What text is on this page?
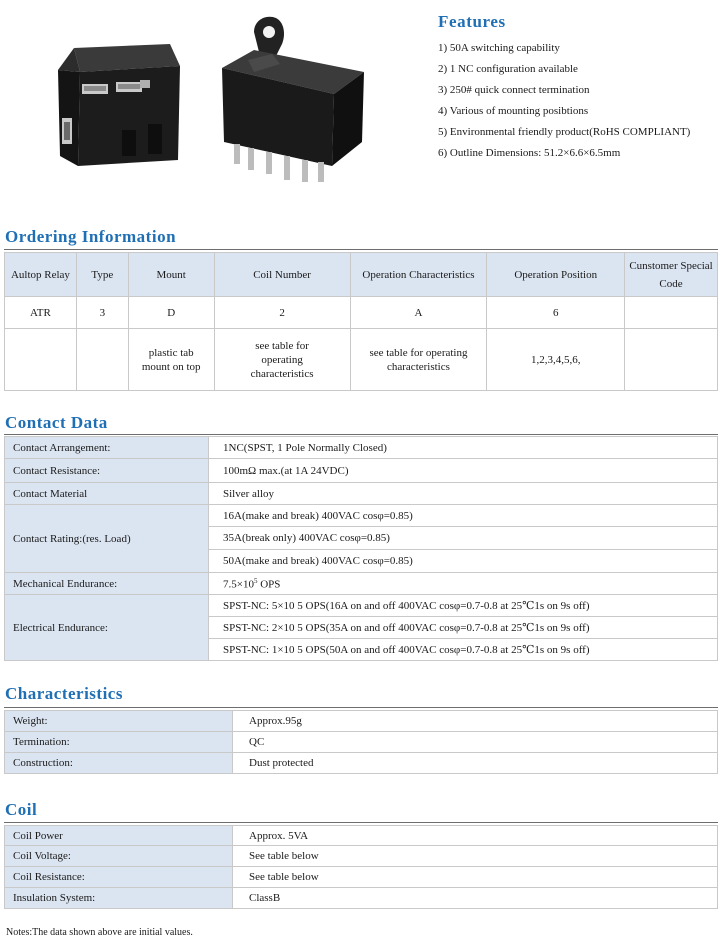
Features
1) 50A switching capability
2) 1 NC configuration available
3) 250# quick connect termination
4) Various of mounting posibtions
5) Environmental friendly product(RoHS COMPLIANT)
6) Outline Dimensions: 51.2×6.6×6.5mm
Ordering Information
Aultop Relay	Type	Mount	Coil Number	Operation Characteristics	Operation Position	Cunstomer Special Code
ATR	3	D	2	A	6	
		plastic tab mount on top	see table for operating characteristics	see table for operating characteristics	1,2,3,4,5,6,	
Contact Data
Contact Arrangement:	1NC(SPST, 1 Pole Normally Closed)
Contact Resistance:	100mΩ max.(at 1A 24VDC)
Contact Material	Silver alloy
Contact Rating:(res. Load)	16A(make and break) 400VAC cosφ=0.85)
	35A(break only) 400VAC cosφ=0.85)
	50A(make and break) 400VAC cosφ=0.85)
Mechanical Endurance:	$7.5\times 10^5$ OPS
Electrical Endurance:	SPST-NC: 5×10 5 OPS(16A on and off 400VAC cosφ=0.7-0.8 at 25℃1s on 9s off)
	SPST-NC: 2×10 5 OPS(35A on and off 400VAC cosφ=0.7-0.8 at 25℃1s on 9s off)
	SPST-NC: 1×10 5 OPS(50A on and off 400VAC cosφ=0.7-0.8 at 25℃1s on 9s off)
Characteristics
Weight:	Approx.95g
Termination:	QC
Construction:	Dust protected
Coil
Coil Power	Approx. 5VA
Coil Voltage:	See table below
Coil Resistance:	See table below
Insulation System:	ClassB
Notes:The data shown above are initial values.
